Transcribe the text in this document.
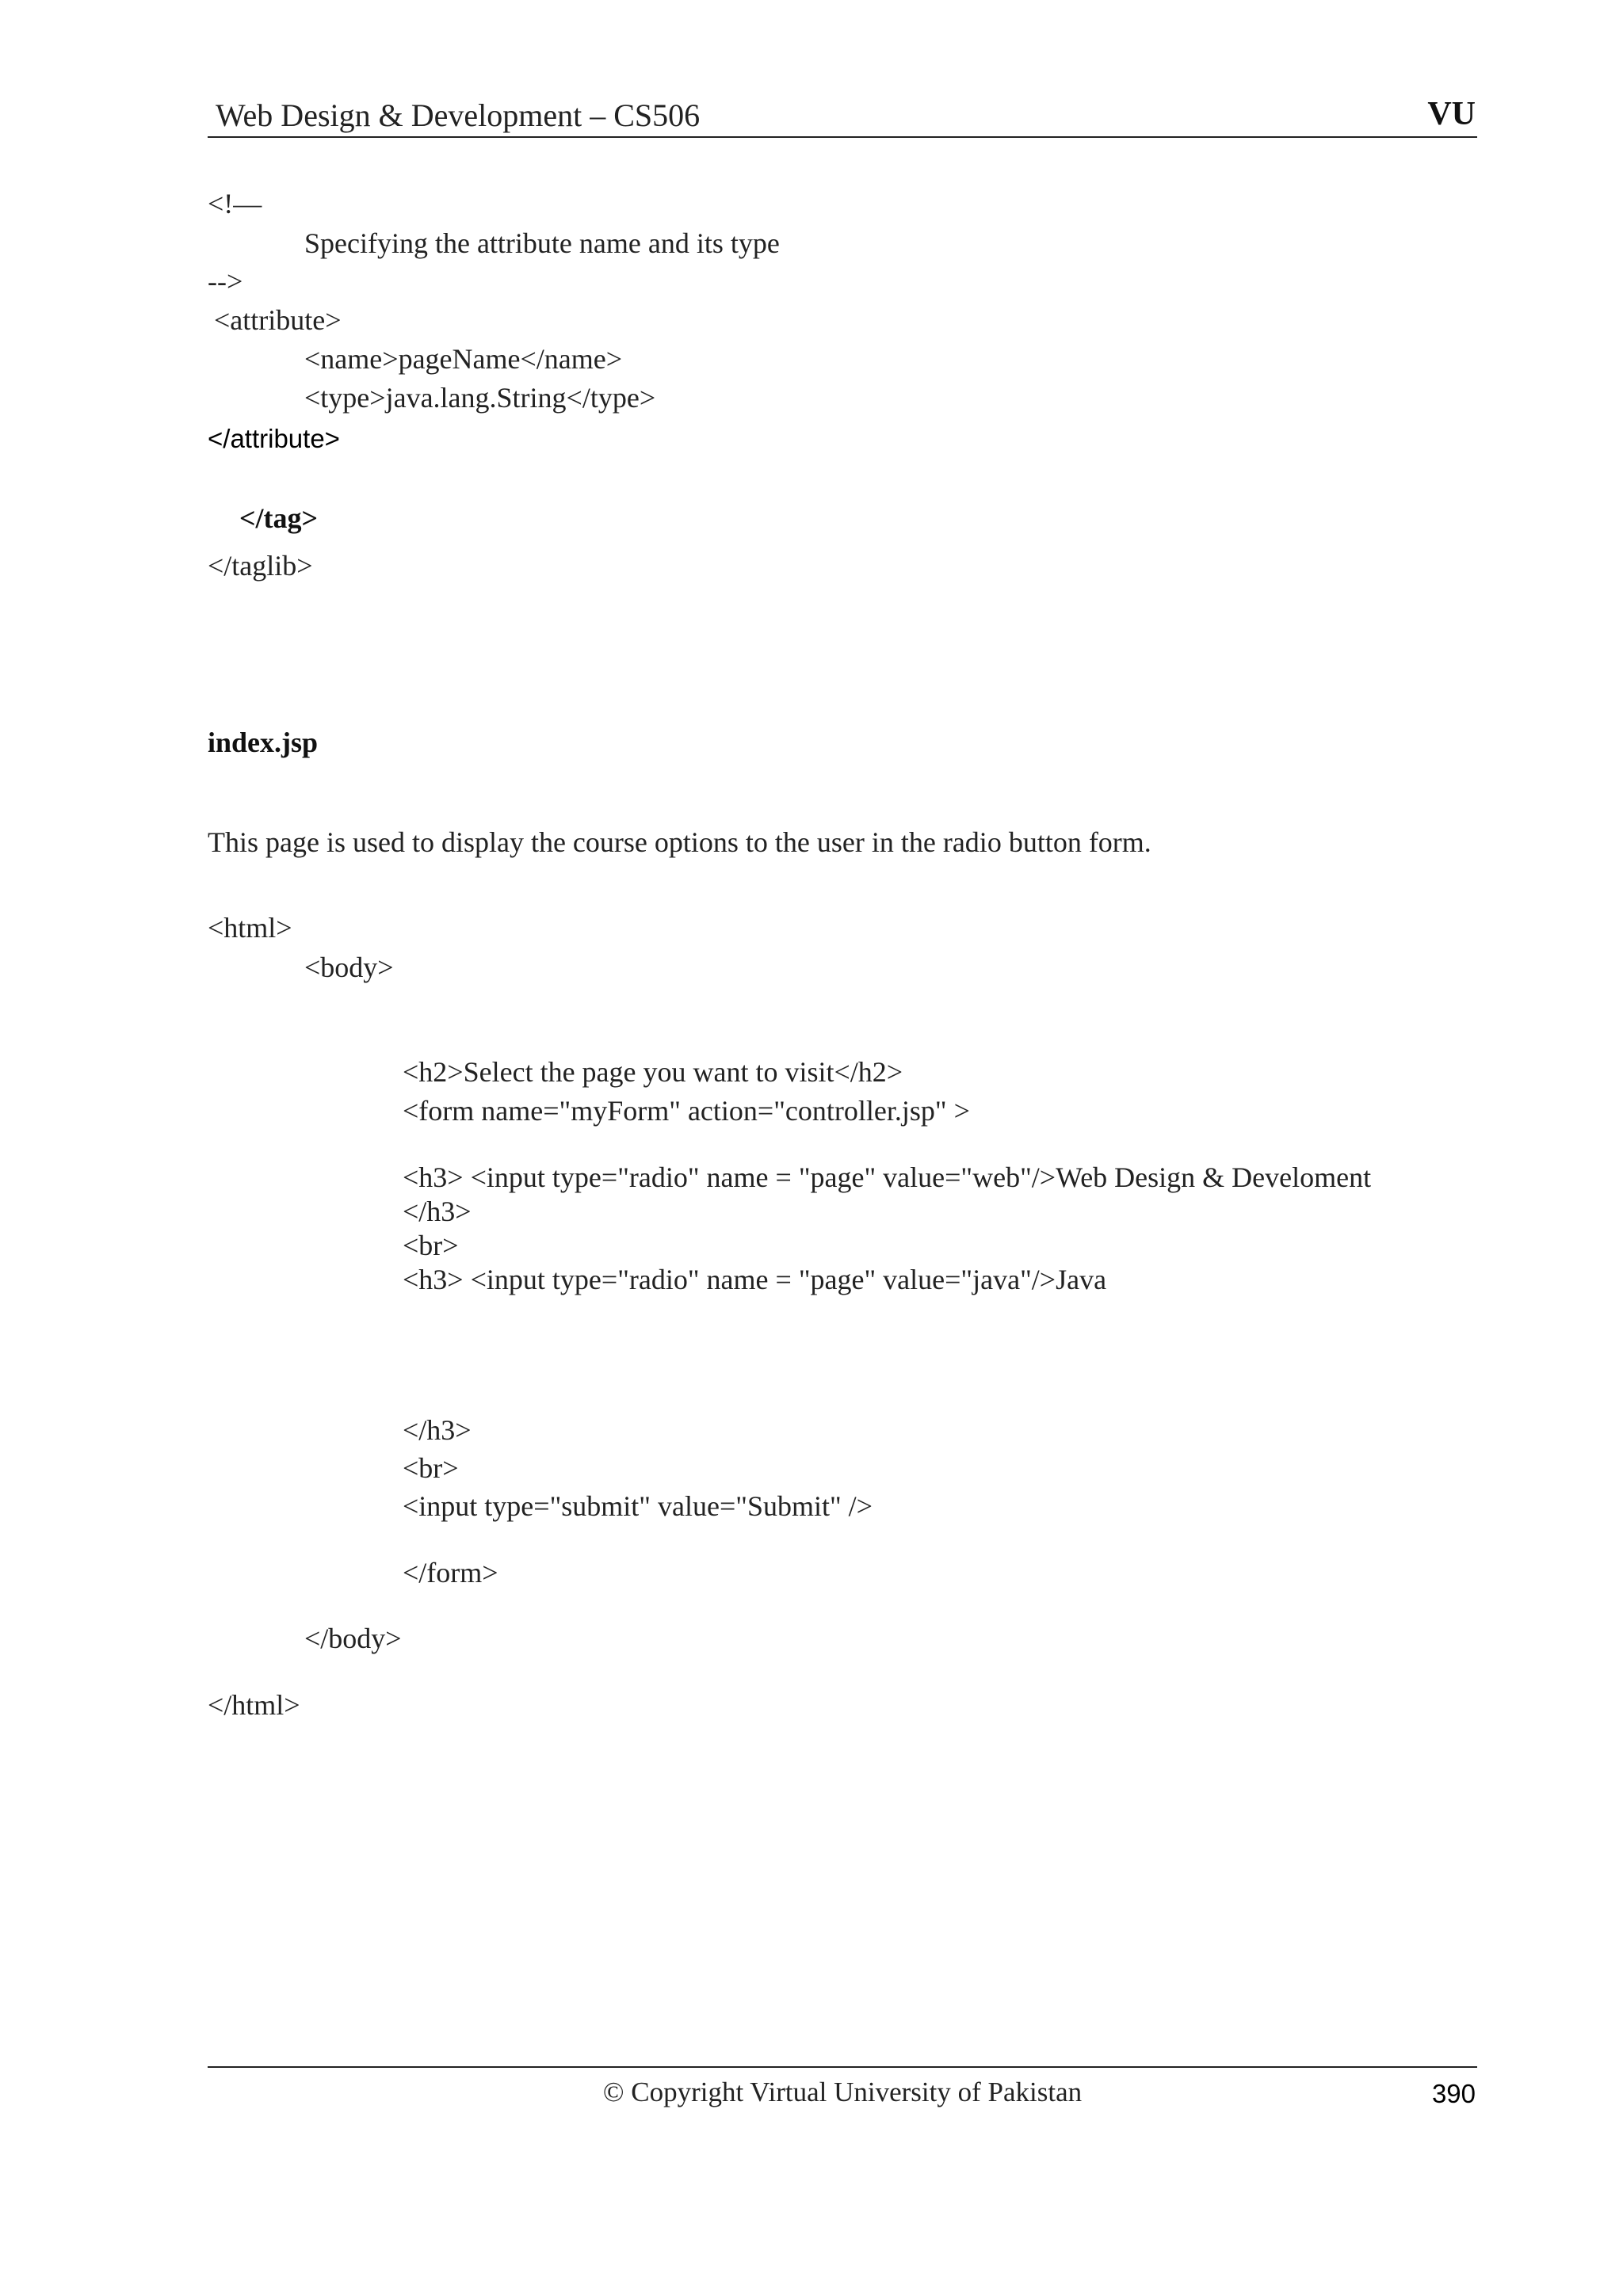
Web Design & Development – CS506	VU
<!—
Specifying the attribute name and its type
-->
<attribute>
<name>pageName</name>
<type>java.lang.String</type>
</attribute>
</tag>
</taglib>
index.jsp
This page is used to display the course options to the user in the radio button form.
<html>
<body>
<h2>Select the page you want to visit</h2>
<form name="myForm" action="controller.jsp" >
<h3> <input type="radio" name = "page" value="web"/>Web Design & Develoment
</h3>
<br>
<h3> <input type="radio" name = "page" value="java"/>Java
</h3>
<br>
<input type="submit" value="Submit" />
</form>
</body>
</html>
© Copyright Virtual University of Pakistan	390
